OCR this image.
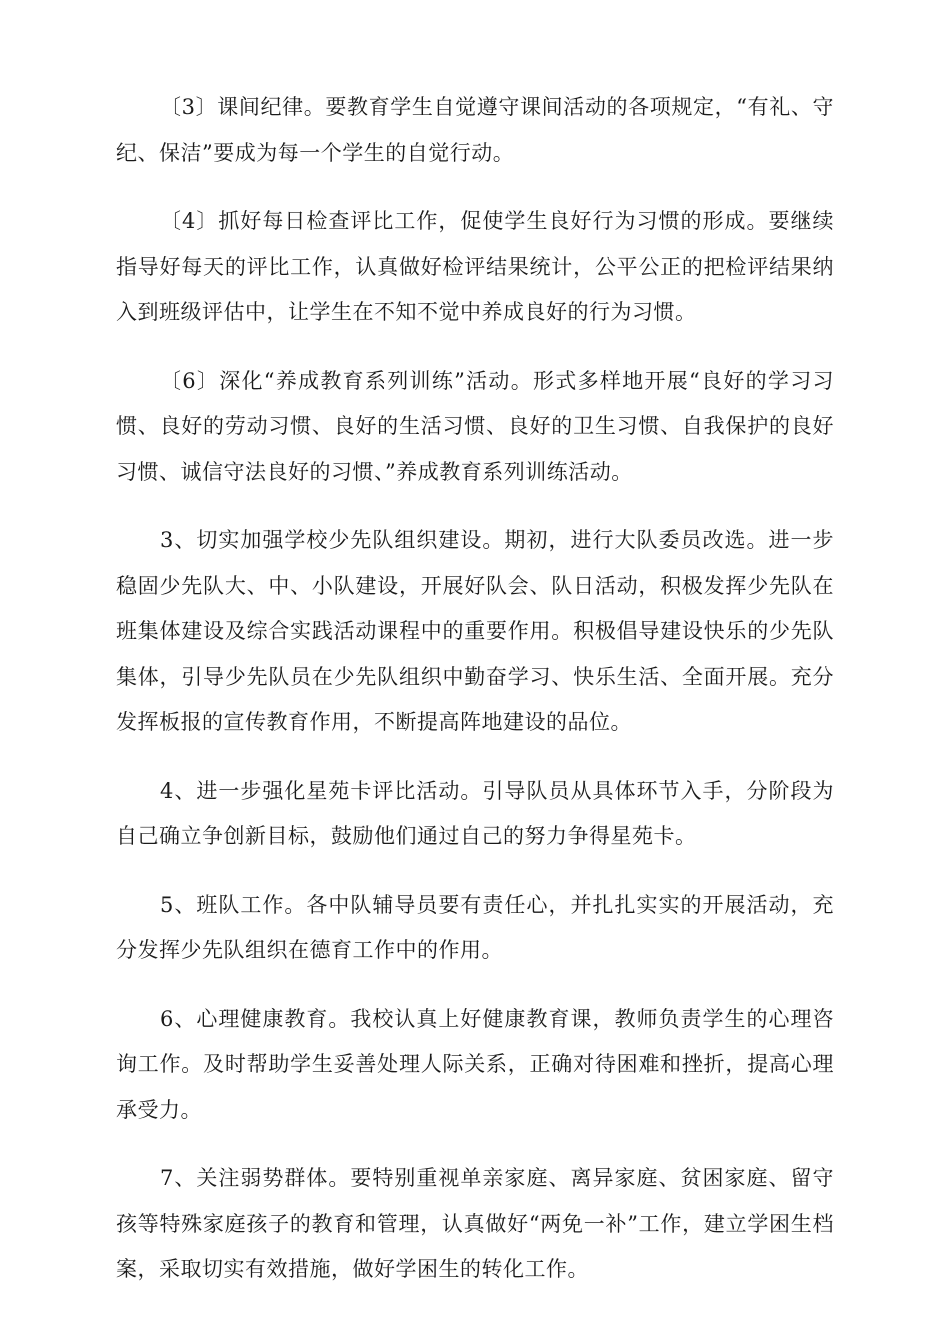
〔3〕课间纪律。要教育学生自觉遵守课间活动的各项规定，“有礼、守纪、保洁”要成为每一个学生的自觉行动。

〔4〕抓好每日检查评比工作，促使学生良好行为习惯的形成。要继续指导好每天的评比工作，认真做好检评结果统计，公平公正的把检评结果纳入到班级评估中，让学生在不知不觉中养成良好的行为习惯。

〔6〕深化“养成教育系列训练”活动。形式多样地开展“良好的学习习惯、良好的劳动习惯、良好的生活习惯、良好的卫生习惯、自我保护的良好习惯、诚信守法良好的习惯、”养成教育系列训练活动。

3、切实加强学校少先队组织建设。期初，进行大队委员改选。进一步稳固少先队大、中、小队建设，开展好队会、队日活动，积极发挥少先队在班集体建设及综合实践活动课程中的重要作用。积极倡导建设快乐的少先队集体，引导少先队员在少先队组织中勤奋学习、快乐生活、全面开展。充分发挥板报的宣传教育作用，不断提高阵地建设的品位。

4、进一步强化星苑卡评比活动。引导队员从具体环节入手，分阶段为自己确立争创新目标，鼓励他们通过自己的努力争得星苑卡。

5、班队工作。各中队辅导员要有责任心，并扎扎实实的开展活动，充分发挥少先队组织在德育工作中的作用。

6、心理健康教育。我校认真上好健康教育课，教师负责学生的心理咨询工作。及时帮助学生妥善处理人际关系，正确对待困难和挫折，提高心理承受力。

7、关注弱势群体。要特别重视单亲家庭、离异家庭、贫困家庭、留守孩等特殊家庭孩子的教育和管理，认真做好“两免一补”工作，建立学困生档案，采取切实有效措施，做好学困生的转化工作。
